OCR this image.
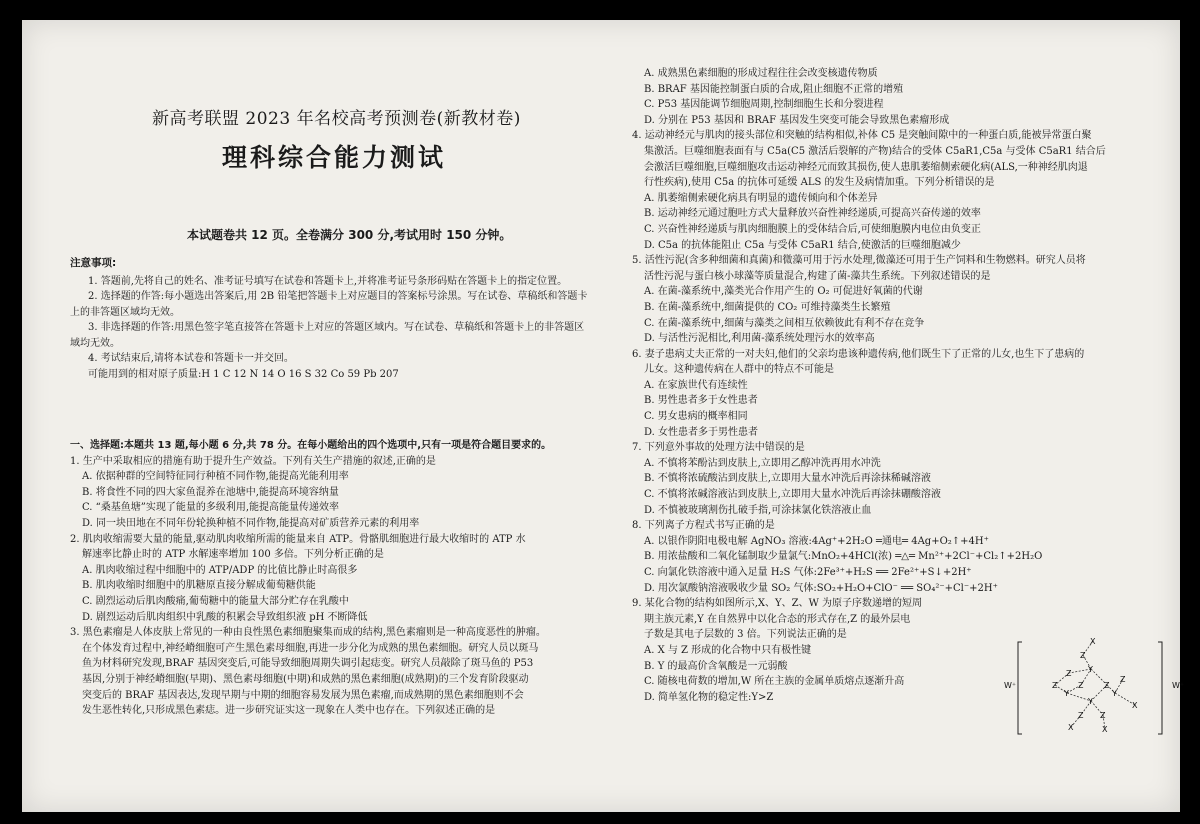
新高考联盟 2023 年名校高考预测卷(新教材卷)
理科综合能力测试
本试题卷共 12 页。全卷满分 300 分,考试用时 150 分钟。
注意事项:

1. 答题前,先将自己的姓名、准考证号填写在试卷和答题卡上,并将准考证号条形码贴在答题卡上的指定位置。

2. 选择题的作答:每小题选出答案后,用 2B 铅笔把答题卡上对应题目的答案标号涂黑。写在试卷、草稿纸和答题卡上的非答题区域均无效。

3. 非选择题的作答:用黑色签字笔直接答在答题卡上对应的答题区域内。写在试卷、草稿纸和答题卡上的非答题区域均无效。

4. 考试结束后,请将本试卷和答题卡一并交回。

可能用到的相对原子质量:H 1 C 12 N 14 O 16 S 32 Co 59 Pb 207

一、选择题:本题共 13 题,每小题 6 分,共 78 分。在每小题给出的四个选项中,只有一项是符合题目要求的。

1. 生产中采取相应的措施有助于提升生产效益。下列有关生产措施的叙述,正确的是

A. 依据种群的空间特征同行种植不同作物,能提高光能利用率

B. 将食性不同的四大家鱼混养在池塘中,能提高环境容纳量

C. “桑基鱼塘”实现了能量的多级利用,能提高能量传递效率

D. 同一块田地在不同年份轮换种植不同作物,能提高对矿质营养元素的利用率

2. 肌肉收缩需要大量的能量,驱动肌肉收缩所需的能量来自 ATP。骨骼肌细胞进行最大收缩时的 ATP 水

解速率比静止时的 ATP 水解速率增加 100 多倍。下列分析正确的是

A. 肌肉收缩过程中细胞中的 ATP/ADP 的比值比静止时高很多

B. 肌肉收缩时细胞中的肌糖原直接分解成葡萄糖供能

C. 剧烈运动后肌肉酸痛,葡萄糖中的能量大部分贮存在乳酸中

D. 剧烈运动后肌肉组织中乳酸的积累会导致组织液 pH 不断降低

3. 黑色素瘤是人体皮肤上常见的一种由良性黑色素细胞聚集而成的结构,黑色素瘤则是一种高度恶性的肿瘤。

在个体发育过程中,神经嵴细胞可产生黑色素母细胞,再进一步分化为成熟的黑色素细胞。研究人员以斑马

鱼为材料研究发现,BRAF 基因突变后,可能导致细胞周期失调引起痣变。研究人员敲除了斑马鱼的 P53

基因,分别于神经嵴细胞(早期)、黑色素母细胞(中期)和成熟的黑色素细胞(成熟期)的三个发育阶段驱动

突变后的 BRAF 基因表达,发现早期与中期的细胞容易发展为黑色素瘤,而成熟期的黑色素细胞则不会

发生恶性转化,只形成黑色素痣。进一步研究证实这一现象在人类中也存在。下列叙述正确的是

A. 成熟黑色素细胞的形成过程往往会改变核遗传物质

B. BRAF 基因能控制蛋白质的合成,阻止细胞不正常的增殖

C. P53 基因能调节细胞周期,控制细胞生长和分裂进程

D. 分别在 P53 基因和 BRAF 基因发生突变可能会导致黑色素瘤形成

4. 运动神经元与肌肉的接头部位和突触的结构相似,补体 C5 是突触间隙中的一种蛋白质,能被异常蛋白聚

集激活。巨噬细胞表面有与 C5a(C5 激活后裂解的产物)结合的受体 C5aR1,C5a 与受体 C5aR1 结合后

会激活巨噬细胞,巨噬细胞攻击运动神经元而致其损伤,使人患肌萎缩侧索硬化病(ALS,一种神经肌肉退

行性疾病),使用 C5a 的抗体可延缓 ALS 的发生及病情加重。下列分析错误的是

A. 肌萎缩侧索硬化病具有明显的遗传倾向和个体差异

B. 运动神经元通过胞吐方式大量释放兴奋性神经递质,可提高兴奋传递的效率

C. 兴奋性神经递质与肌肉细胞膜上的受体结合后,可使细胞膜内电位由负变正

D. C5a 的抗体能阻止 C5a 与受体 C5aR1 结合,使激活的巨噬细胞减少

5. 活性污泥(含多种细菌和真菌)和微藻可用于污水处理,微藻还可用于生产饲料和生物燃料。研究人员将

活性污泥与蛋白核小球藻等质量混合,构建了菌-藻共生系统。下列叙述错误的是

A. 在菌-藻系统中,藻类光合作用产生的 O₂ 可促进好氧菌的代谢

B. 在菌-藻系统中,细菌提供的 CO₂ 可维持藻类生长繁殖

C. 在菌-藻系统中,细菌与藻类之间相互依赖彼此有利不存在竞争

D. 与活性污泥相比,利用菌-藻系统处理污水的效率高

6. 妻子患病丈夫正常的一对夫妇,他们的父亲均患该种遗传病,他们既生下了正常的儿女,也生下了患病的

儿女。这种遗传病在人群中的特点不可能是

A. 在家族世代有连续性

B. 男性患者多于女性患者

C. 男女患病的概率相同

D. 女性患者多于男性患者

7. 下列意外事故的处理方法中错误的是

A. 不慎将苯酚沾到皮肤上,立即用乙醇冲洗再用水冲洗

B. 不慎将浓硫酸沾到皮肤上,立即用大量水冲洗后再涂抹稀碱溶液

C. 不慎将浓碱溶液沾到皮肤上,立即用大量水冲洗后再涂抹硼酸溶液

D. 不慎被玻璃割伤扎破手指,可涂抹氯化铁溶液止血

8. 下列离子方程式书写正确的是

A. 以银作阴阳电极电解 AgNO₃ 溶液:4Ag⁺+2H₂O ═通电═ 4Ag+O₂↑+4H⁺

B. 用浓盐酸和二氧化锰制取少量氯气:MnO₂+4HCl(浓) ═△═ Mn²⁺+2Cl⁻+Cl₂↑+2H₂O

C. 向氯化铁溶液中通入足量 H₂S 气体:2Fe³⁺+H₂S ══ 2Fe²⁺+S↓+2H⁺

D. 用次氯酸钠溶液吸收少量 SO₂ 气体:SO₂+H₂O+ClO⁻ ══ SO₄²⁻+Cl⁻+2H⁺

9. 某化合物的结构如图所示,X、Y、Z、W 为原子序数递增的短周

期主族元素,Y 在自然界中以化合态的形式存在,Z 的最外层电

子数是其电子层数的 3 倍。下列说法正确的是

A. X 与 Z 形成的化合物中只有极性键

B. Y 的最高价含氧酸是一元弱酸

C. 随核电荷数的增加,W 所在主族的金属单质熔点逐渐升高

D. 简单氢化物的稳定性:Y>Z

X
Z
Y
Z
Z
Y
Z
Y
Z
X
Z
X
Z
Y
Z
X
W⁺	W⁺
